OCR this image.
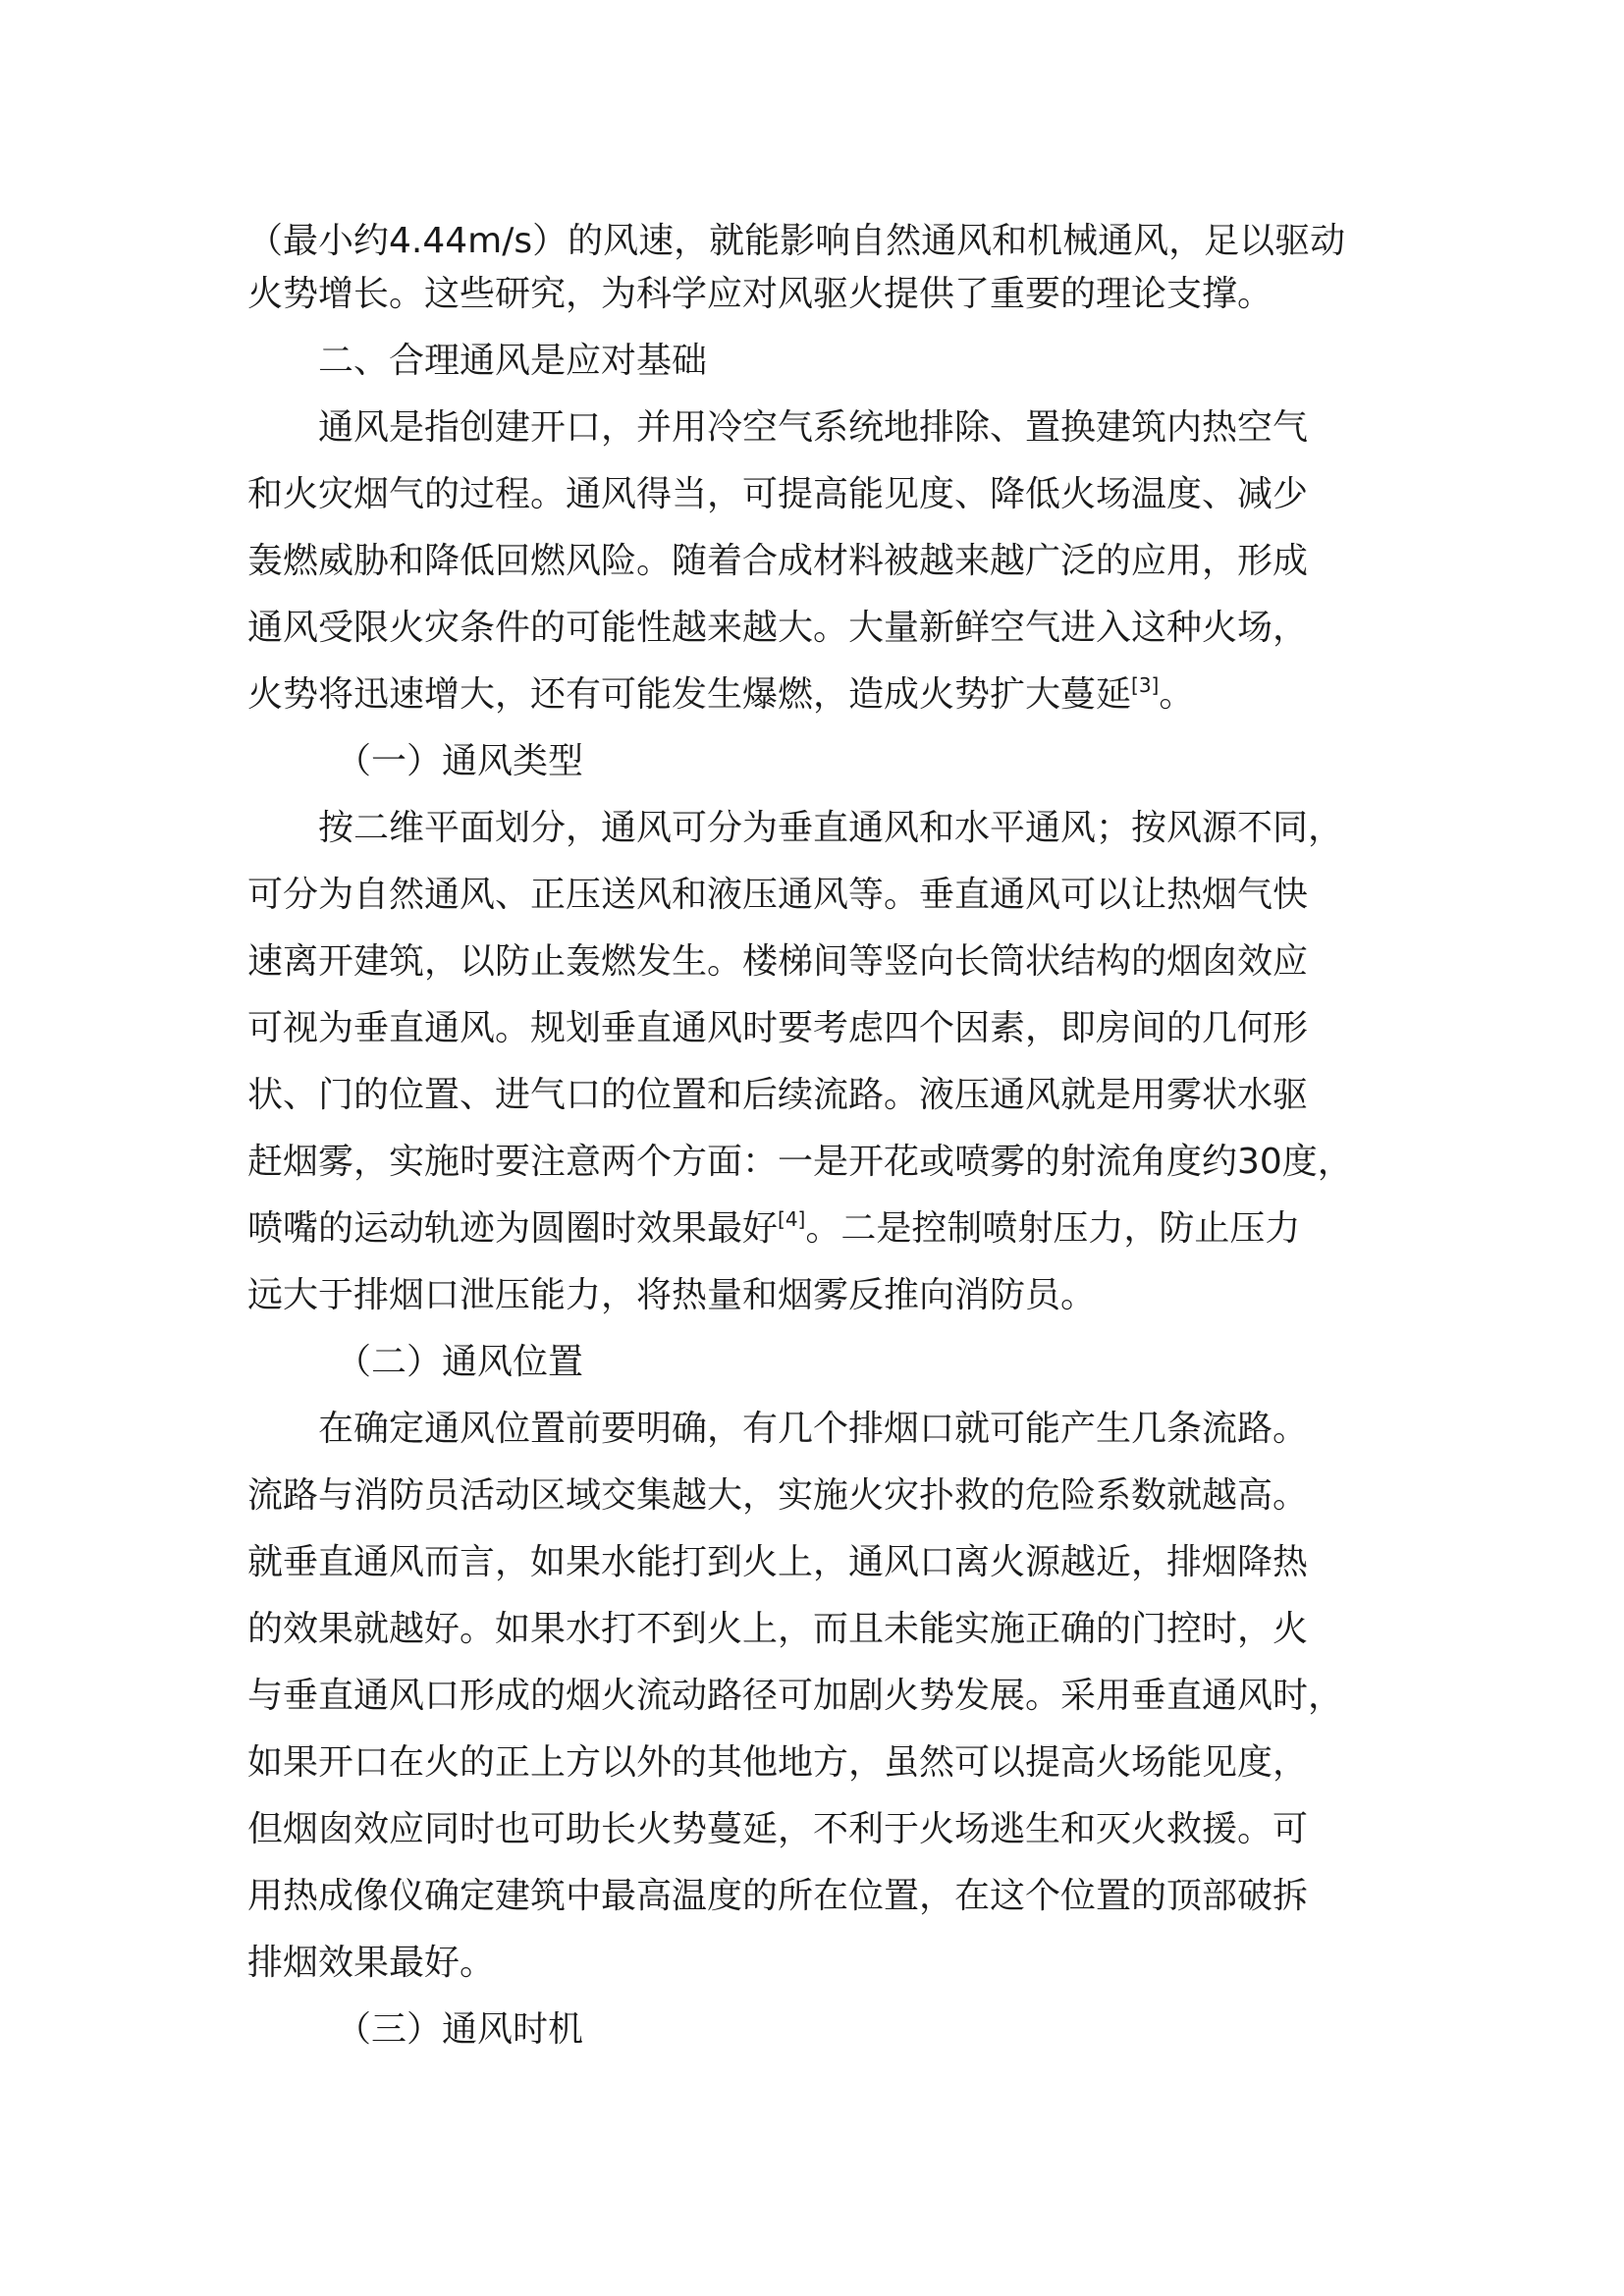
（最小约4.44m/s）的风速，就能影响自然通风和机械通风，足以驱动
火势增长。这些研究，为科学应对风驱火提供了重要的理论支撑。
二、合理通风是应对基础
通风是指创建开口，并用冷空气系统地排除、置换建筑内热空气
和火灾烟气的过程。通风得当，可提高能见度、降低火场温度、减少
轰燃威胁和降低回燃风险。随着合成材料被越来越广泛的应用，形成
通风受限火灾条件的可能性越来越大。大量新鲜空气进入这种火场，
火势将迅速增大，还有可能发生爆燃，造成火势扩大蔓延[3]。
（一）通风类型
按二维平面划分，通风可分为垂直通风和水平通风；按风源不同，
可分为自然通风、正压送风和液压通风等。垂直通风可以让热烟气快
速离开建筑，以防止轰燃发生。楼梯间等竖向长筒状结构的烟囱效应
可视为垂直通风。规划垂直通风时要考虑四个因素，即房间的几何形
状、门的位置、进气口的位置和后续流路。液压通风就是用雾状水驱
赶烟雾，实施时要注意两个方面：一是开花或喷雾的射流角度约30度，
喷嘴的运动轨迹为圆圈时效果最好[4]。二是控制喷射压力，防止压力
远大于排烟口泄压能力，将热量和烟雾反推向消防员。
（二）通风位置
在确定通风位置前要明确，有几个排烟口就可能产生几条流路。
流路与消防员活动区域交集越大，实施火灾扑救的危险系数就越高。
就垂直通风而言，如果水能打到火上，通风口离火源越近，排烟降热
的效果就越好。如果水打不到火上，而且未能实施正确的门控时，火
与垂直通风口形成的烟火流动路径可加剧火势发展。采用垂直通风时，
如果开口在火的正上方以外的其他地方，虽然可以提高火场能见度，
但烟囱效应同时也可助长火势蔓延，不利于火场逃生和灭火救援。可
用热成像仪确定建筑中最高温度的所在位置，在这个位置的顶部破拆
排烟效果最好。
（三）通风时机
